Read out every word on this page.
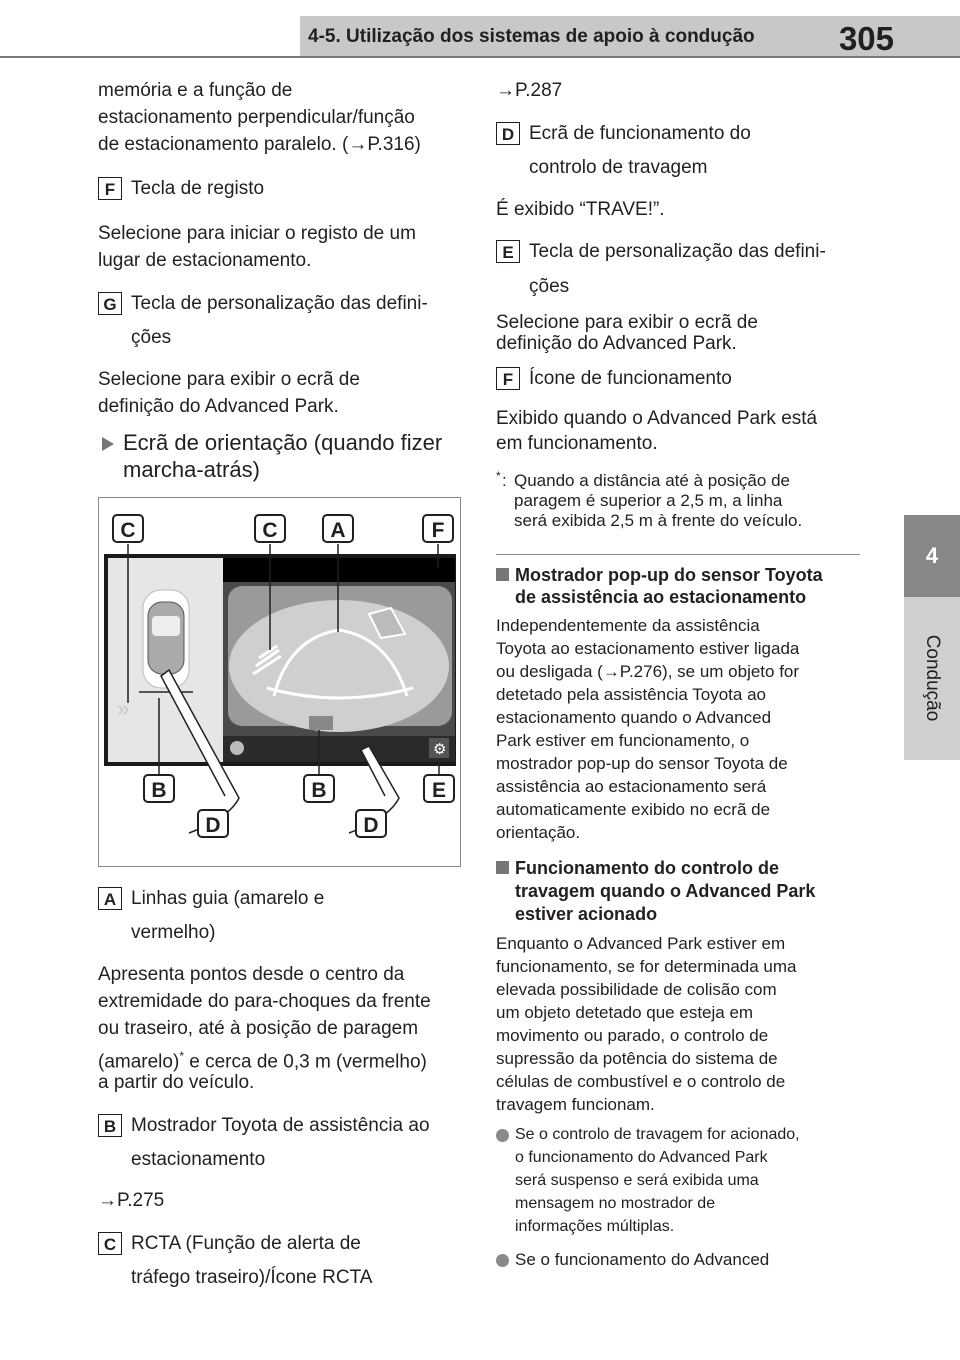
4-5. Utilização dos sistemas de apoio à condução	305
4
Condução
memória e a função de
estacionamento perpendicular/função
de estacionamento paralelo. (→P.316)
F Tecla de registo
Selecione para iniciar o registo de um
lugar de estacionamento.
G Tecla de personalização das defini-
ções
Selecione para exibir o ecrã de
definição do Advanced Park.
Ecrã de orientação (quando fizer
marcha-atrás)
»
⚙
C	C	A	F
B	B	E
D	D
A Linhas guia (amarelo e
vermelho)
Apresenta pontos desde o centro da
extremidade do para-choques da frente
ou traseiro, até à posição de paragem
(amarelo)* e cerca de 0,3 m (vermelho)
a partir do veículo.
B Mostrador Toyota de assistência ao
estacionamento
→P.275
C RCTA (Função de alerta de
tráfego traseiro)/Ícone RCTA
→P.287
D Ecrã de funcionamento do
controlo de travagem
É exibido “TRAVE!”.
E Tecla de personalização das defini-
ções
Selecione para exibir o ecrã de
definição do Advanced Park.
F Ícone de funcionamento
Exibido quando o Advanced Park está
em funcionamento.
* : Quando a distância até à posição de
paragem é superior a 2,5 m, a linha
será exibida 2,5 m à frente do veículo.
Mostrador pop-up do sensor Toyota
de assistência ao estacionamento
Independentemente da assistência
Toyota ao estacionamento estiver ligada
ou desligada (→P.276), se um objeto for
detetado pela assistência Toyota ao
estacionamento quando o Advanced
Park estiver em funcionamento, o
mostrador pop-up do sensor Toyota de
assistência ao estacionamento será
automaticamente exibido no ecrã de
orientação.
Funcionamento do controlo de
travagem quando o Advanced Park
estiver acionado
Enquanto o Advanced Park estiver em
funcionamento, se for determinada uma
elevada possibilidade de colisão com
um objeto detetado que esteja em
movimento ou parado, o controlo de
supressão da potência do sistema de
células de combustível e o controlo de
travagem funcionam.
Se o controlo de travagem for acionado,
o funcionamento do Advanced Park
será suspenso e será exibida uma
mensagem no mostrador de
informações múltiplas.
Se o funcionamento do Advanced
